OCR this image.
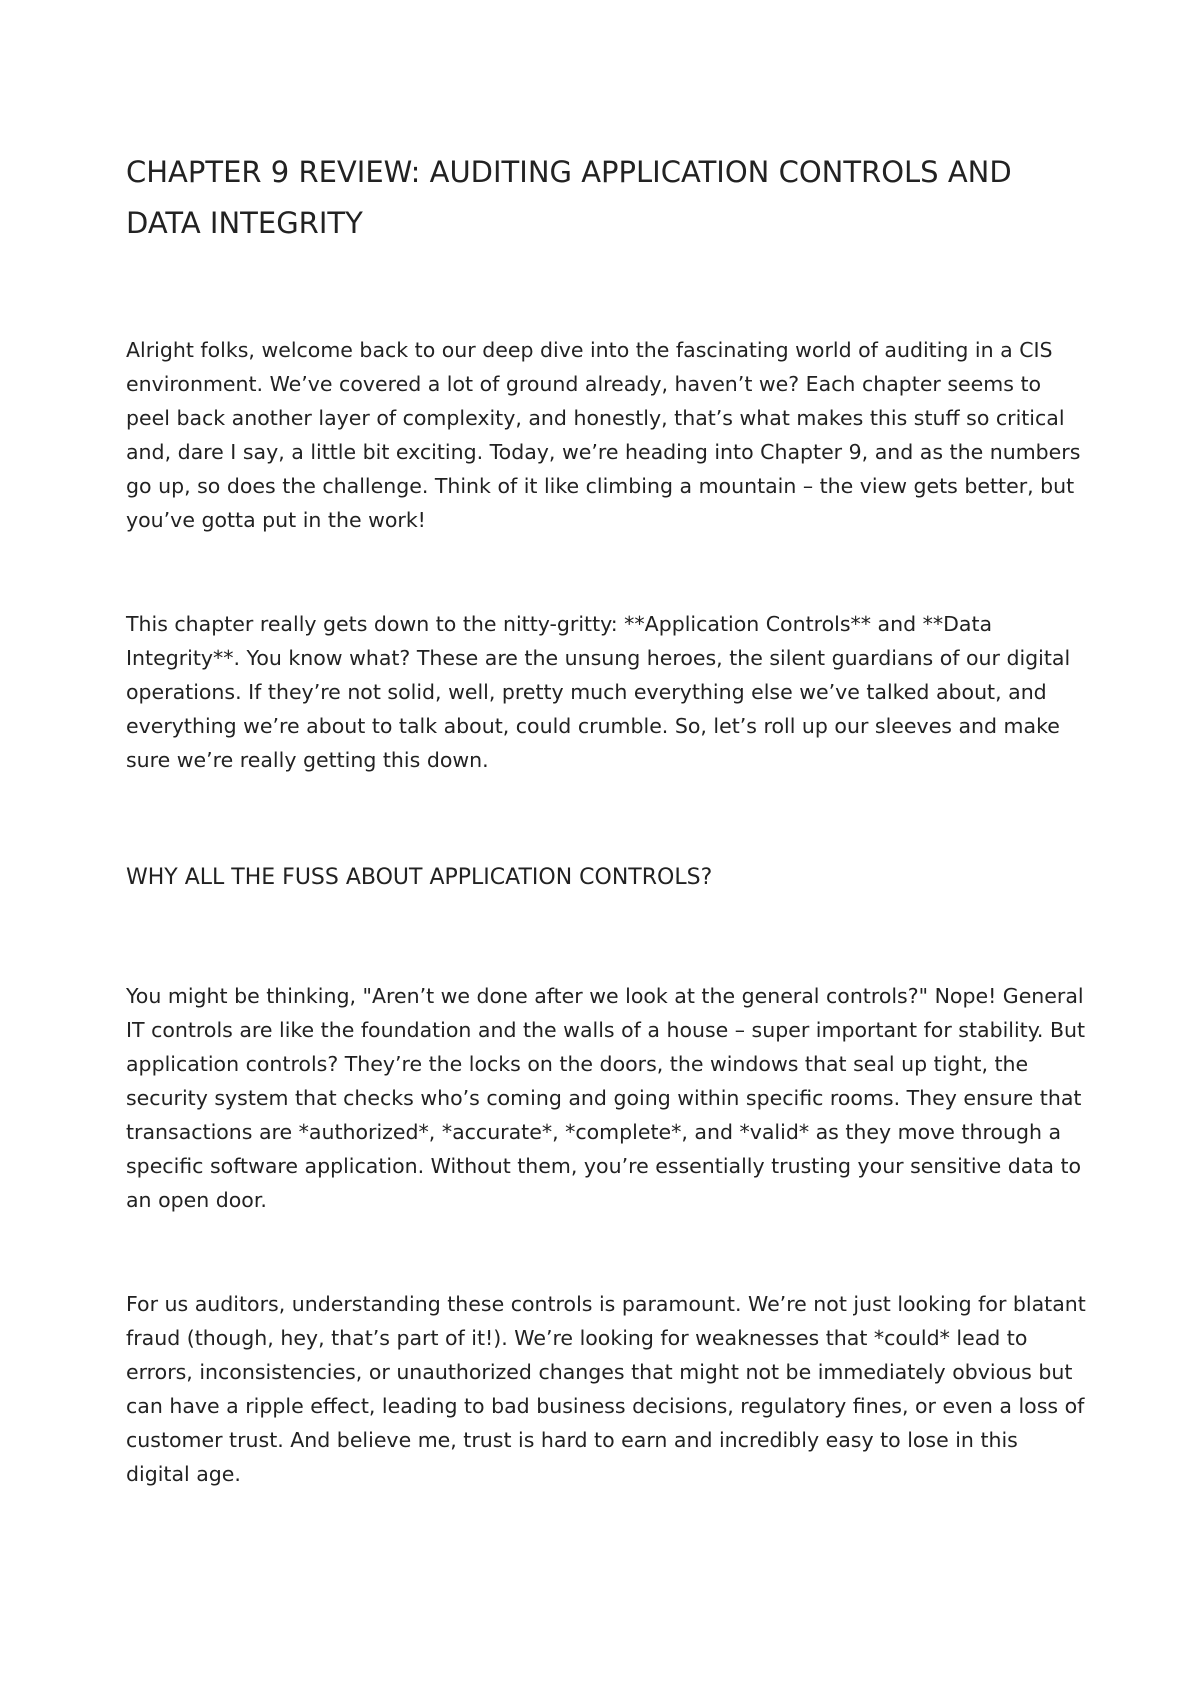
CHAPTER 9 REVIEW: AUDITING APPLICATION CONTROLS AND DATA INTEGRITY

Alright folks, welcome back to our deep dive into the fascinating world of auditing in a CIS environment. We’ve covered a lot of ground already, haven’t we? Each chapter seems to peel back another layer of complexity, and honestly, that’s what makes this stuff so critical and, dare I say, a little bit exciting. Today, we’re heading into Chapter 9, and as the numbers go up, so does the challenge. Think of it like climbing a mountain – the view gets better, but you’ve gotta put in the work!

This chapter really gets down to the nitty-gritty: **Application Controls** and **Data Integrity**. You know what? These are the unsung heroes, the silent guardians of our digital operations. If they’re not solid, well, pretty much everything else we’ve talked about, and everything we’re about to talk about, could crumble. So, let’s roll up our sleeves and make sure we’re really getting this down.

WHY ALL THE FUSS ABOUT APPLICATION CONTROLS?

You might be thinking, "Aren’t we done after we look at the general controls?" Nope! General IT controls are like the foundation and the walls of a house – super important for stability. But application controls? They’re the locks on the doors, the windows that seal up tight, the security system that checks who’s coming and going within specific rooms. They ensure that transactions are *authorized*, *accurate*, *complete*, and *valid* as they move through a specific software application. Without them, you’re essentially trusting your sensitive data to an open door.

For us auditors, understanding these controls is paramount. We’re not just looking for blatant fraud (though, hey, that’s part of it!). We’re looking for weaknesses that *could* lead to errors, inconsistencies, or unauthorized changes that might not be immediately obvious but can have a ripple effect, leading to bad business decisions, regulatory fines, or even a loss of customer trust. And believe me, trust is hard to earn and incredibly easy to lose in this digital age.
